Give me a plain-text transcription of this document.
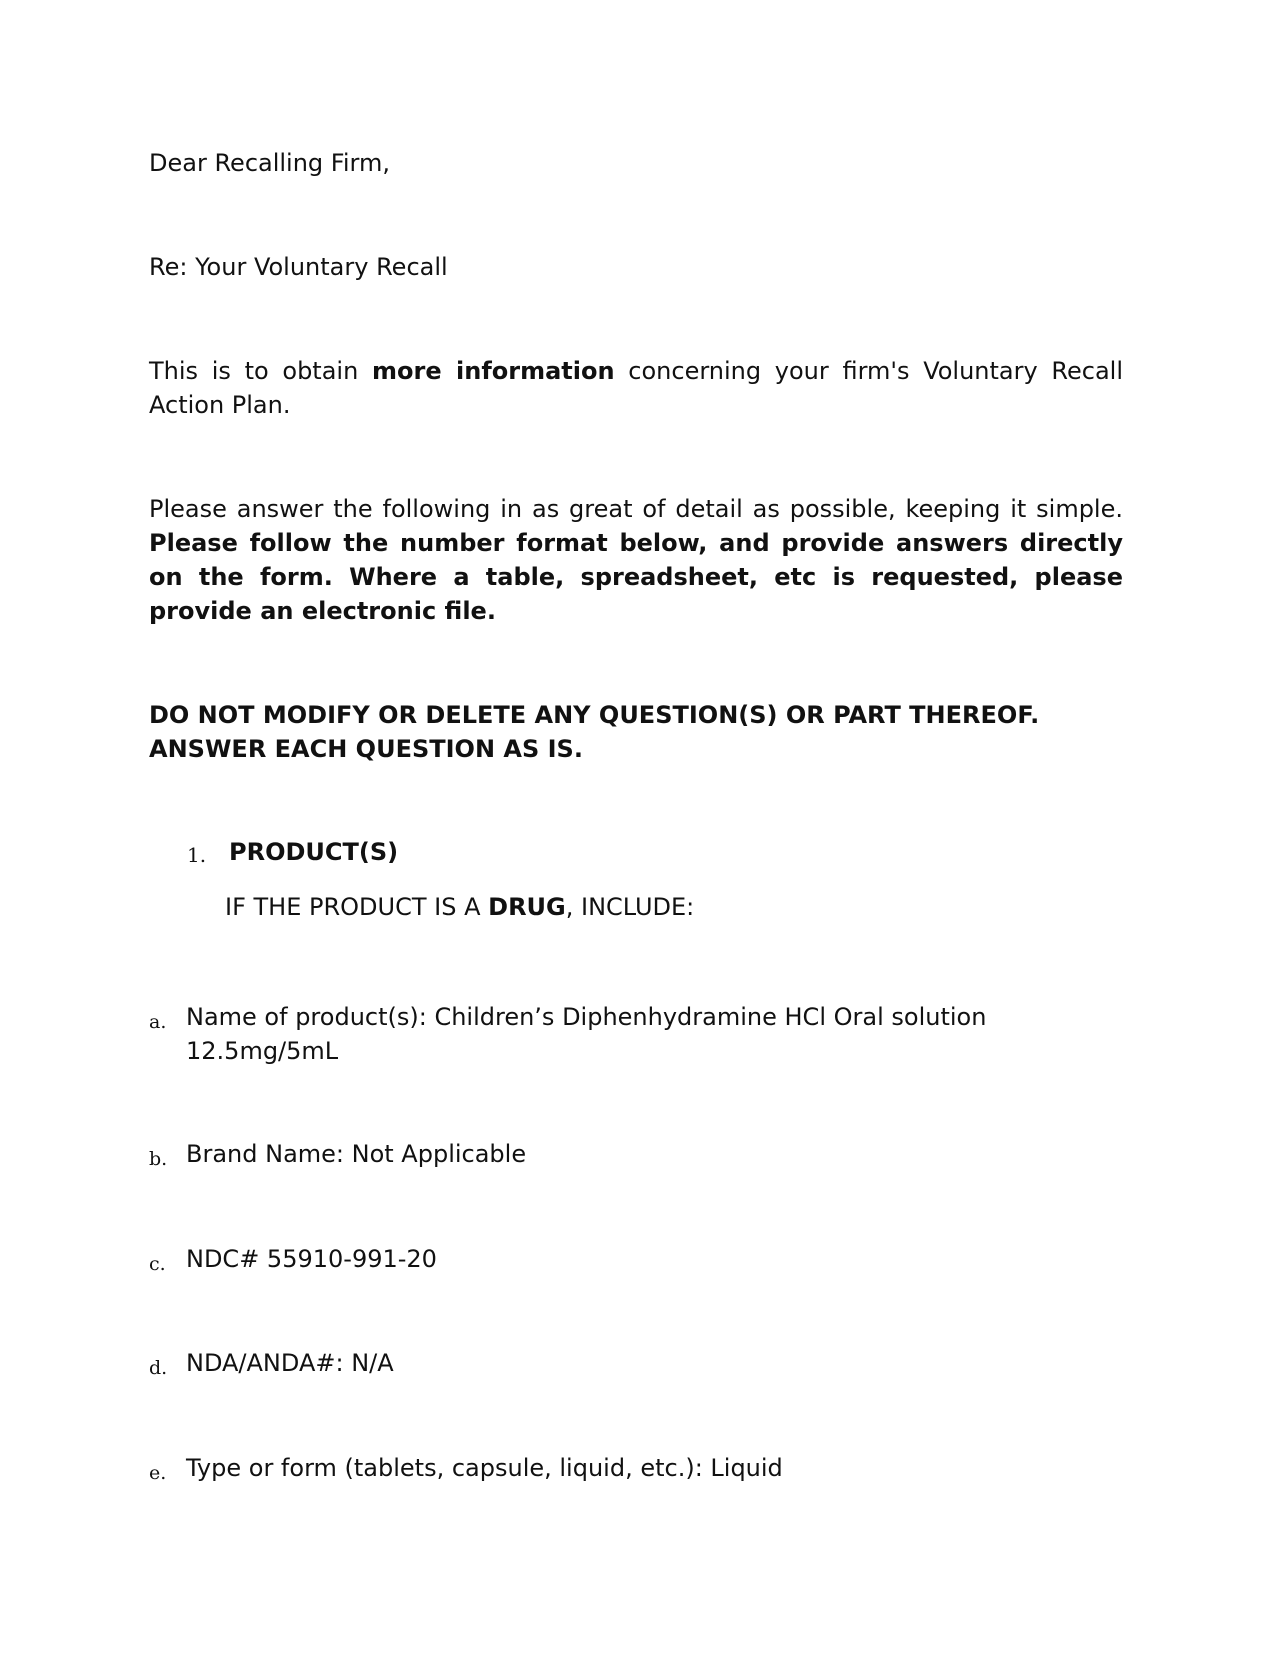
Dear Recalling Firm,

Re: Your Voluntary Recall

This is to obtain more information concerning your firm's Voluntary Recall Action Plan.

Please answer the following in as great of detail as possible, keeping it simple. Please follow the number format below, and provide answers directly on the form. Where a table, spreadsheet, etc is requested, please provide an electronic file.

DO NOT MODIFY OR DELETE ANY QUESTION(S) OR PART THEREOF.
ANSWER EACH QUESTION AS IS.

1. PRODUCT(S)

IF THE PRODUCT IS A DRUG, INCLUDE:

a. Name of product(s): Children’s Diphenhydramine HCl Oral solution 12.5mg/5mL

b. Brand Name: Not Applicable

c. NDC# 55910-991-20

d. NDA/ANDA#: N/A

e. Type or form (tablets, capsule, liquid, etc.): Liquid
